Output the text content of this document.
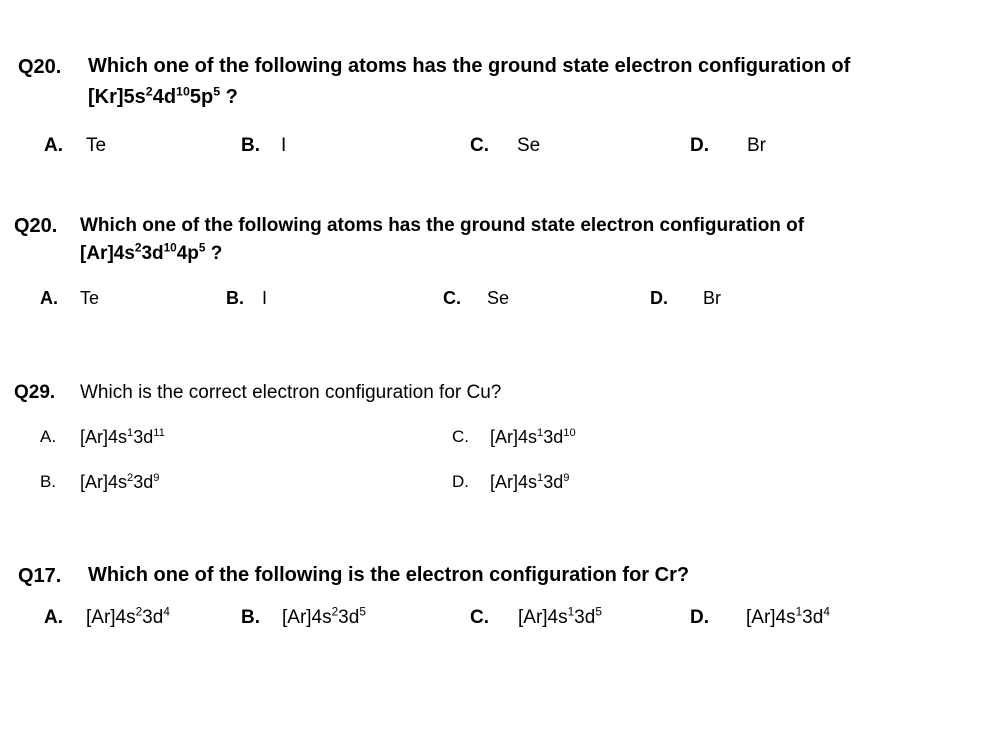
Q20. Which one of the following atoms has the ground state electron configuration of
$[Kr]5s^24d^{10}5p^5$ ?
A. Te	B. I	C. Se	D. Br
Q20. Which one of the following atoms has the ground state electron configuration of
$[Ar]4s^23d^{10}4p^5$ ?
A. Te	B. I	C. Se	D. Br
Q29. Which is the correct electron configuration for Cu?
A. $[Ar]4s^13d^{11}$	C. $[Ar]4s^13d^{10}$
B. $[Ar]4s^23d^9$	D. $[Ar]4s^13d^9$
Q17. Which one of the following is the electron configuration for Cr?
A. $[Ar]4s^23d^4$	B. $[Ar]4s^23d^5$	C. $[Ar]4s^13d^5$	D. $[Ar]4s^13d^4$
